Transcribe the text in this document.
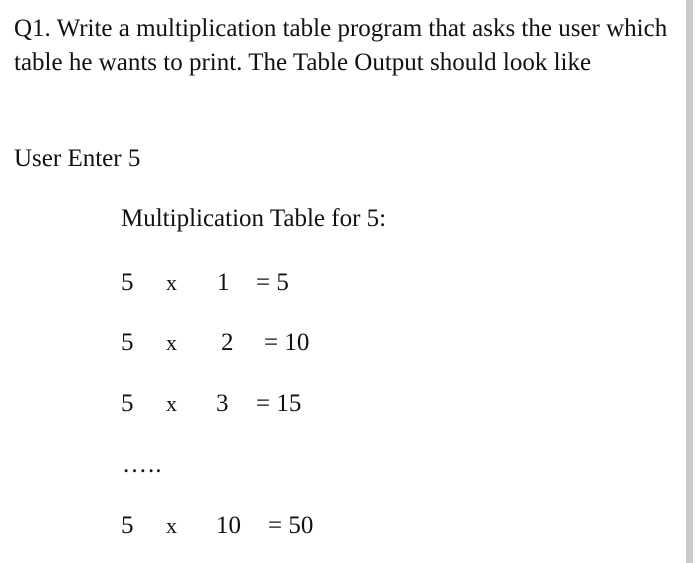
Q1. Write a multiplication table program that asks the user which table he wants to print. The Table Output should look like

User Enter 5

Multiplication Table for 5:

5 x 1 = 5
5 x 2 = 10
5 x 3 = 15
…..
5 x 10 = 50
